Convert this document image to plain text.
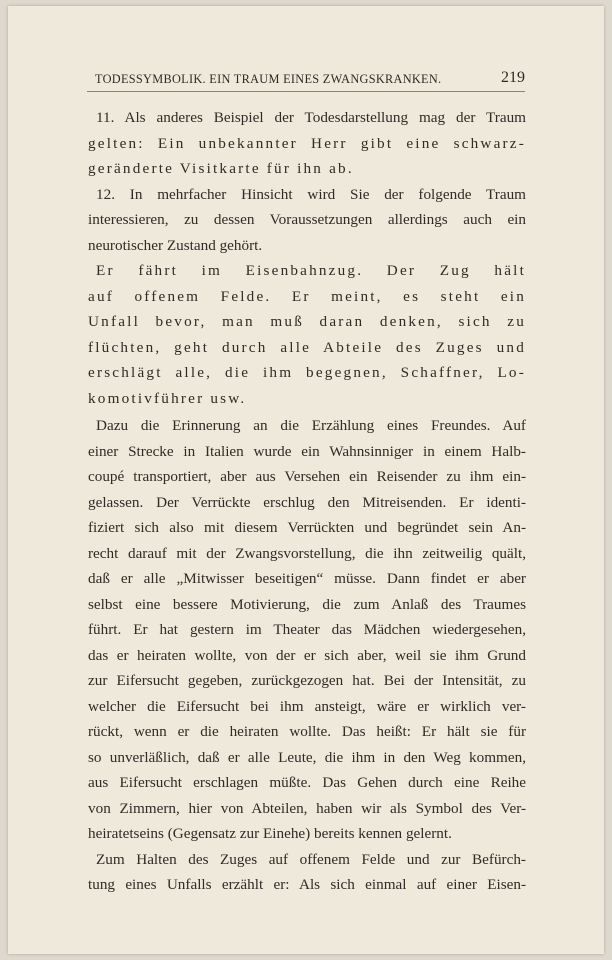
TODESSYMBOLIK. EIN TRAUM EINES ZWANGSKRANKEN.	219
11. Als anderes Beispiel der Todesdarstellung mag der Traum
gelten: Ein unbekannter Herr gibt eine schwarz-
geränderte Visitkarte für ihn ab.
12. In mehrfacher Hinsicht wird Sie der folgende Traum
interessieren, zu dessen Voraussetzungen allerdings auch ein
neurotischer Zustand gehört.
Er fährt im Eisenbahnzug. Der Zug hält
auf offenem Felde. Er meint, es steht ein
Unfall bevor, man muß daran denken, sich zu
flüchten, geht durch alle Abteile des Zuges und
erschlägt alle, die ihm begegnen, Schaffner, Lo-
komotivführer usw.
Dazu die Erinnerung an die Erzählung eines Freundes. Auf
einer Strecke in Italien wurde ein Wahnsinniger in einem Halb-
coupé transportiert, aber aus Versehen ein Reisender zu ihm ein-
gelassen. Der Verrückte erschlug den Mitreisenden. Er identi-
fiziert sich also mit diesem Verrückten und begründet sein An-
recht darauf mit der Zwangsvorstellung, die ihn zeitweilig quält,
daß er alle „Mitwisser beseitigen“ müsse. Dann findet er aber
selbst eine bessere Motivierung, die zum Anlaß des Traumes
führt. Er hat gestern im Theater das Mädchen wiedergesehen,
das er heiraten wollte, von der er sich aber, weil sie ihm Grund
zur Eifersucht gegeben, zurückgezogen hat. Bei der Intensität, zu
welcher die Eifersucht bei ihm ansteigt, wäre er wirklich ver-
rückt, wenn er die heiraten wollte. Das heißt: Er hält sie für
so unverläßlich, daß er alle Leute, die ihm in den Weg kommen,
aus Eifersucht erschlagen müßte. Das Gehen durch eine Reihe
von Zimmern, hier von Abteilen, haben wir als Symbol des Ver-
heiratetseins (Gegensatz zur Einehe) bereits kennen gelernt.
Zum Halten des Zuges auf offenem Felde und zur Befürch-
tung eines Unfalls erzählt er: Als sich einmal auf einer Eisen-
